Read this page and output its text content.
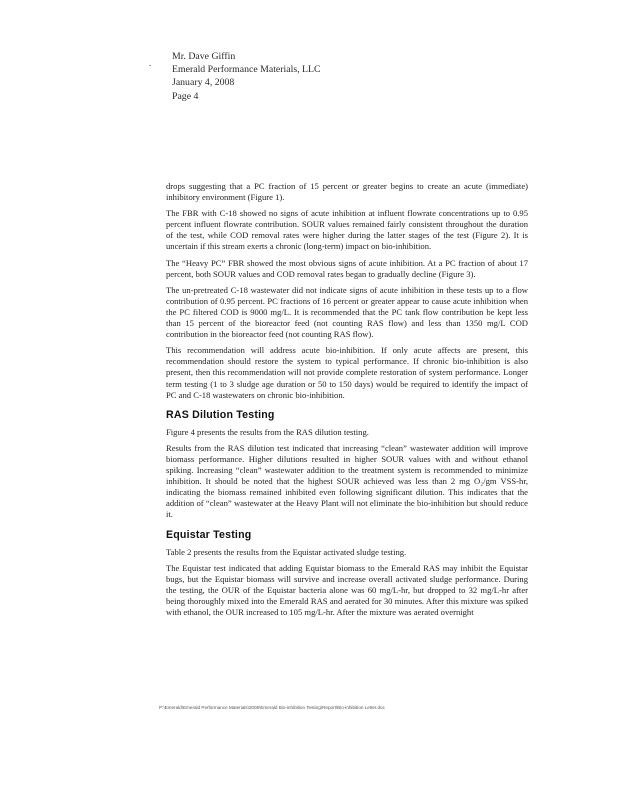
.
Mr. Dave Giffin
Emerald Performance Materials, LLC
January 4, 2008
Page 4

drops suggesting that a PC fraction of 15 percent or greater begins to create an acute (immediate) inhibitory environment (Figure 1).

The FBR with C-18 showed no signs of acute inhibition at influent flowrate concentrations up to 0.95 percent influent flowrate contribution. SOUR values remained fairly consistent throughout the duration of the test, while COD removal rates were higher during the latter stages of the test (Figure 2). It is uncertain if this stream exerts a chronic (long-term) impact on bio-inhibition.

The “Heavy PC” FBR showed the most obvious signs of acute inhibition. At a PC fraction of about 17 percent, both SOUR values and COD removal rates began to gradually decline (Figure 3).

The un-pretreated C-18 wastewater did not indicate signs of acute inhibition in these tests up to a flow contribution of 0.95 percent. PC fractions of 16 percent or greater appear to cause acute inhibition when the PC filtered COD is 9000 mg/L. It is recommended that the PC tank flow contribution be kept less than 15 percent of the bioreactor feed (not counting RAS flow) and less than 1350 mg/L COD contribution in the bioreactor feed (not counting RAS flow).

This recommendation will address acute bio-inhibition. If only acute affects are present, this recommendation should restore the system to typical performance. If chronic bio-inhibition is also present, then this recommendation will not provide complete restoration of system performance. Longer term testing (1 to 3 sludge age duration or 50 to 150 days) would be required to identify the impact of PC and C-18 wastewaters on chronic bio-inhibition.

RAS Dilution Testing

Figure 4 presents the results from the RAS dilution testing.

Results from the RAS dilution test indicated that increasing “clean” wastewater addition will improve biomass performance. Higher dilutions resulted in higher SOUR values with and without ethanol spiking. Increasing “clean” wastewater addition to the treatment system is recommended to minimize inhibition. It should be noted that the highest SOUR achieved was less than 2 mg O₂/gm VSS-hr, indicating the biomass remained inhibited even following significant dilution. This indicates that the addition of “clean” wastewater at the Heavy Plant will not eliminate the bio-inhibition but should reduce it.

Equistar Testing

Table 2 presents the results from the Equistar activated sludge testing.

The Equistar test indicated that adding Equistar biomass to the Emerald RAS may inhibit the Equistar bugs, but the Equistar biomass will survive and increase overall activated sludge performance. During the testing, the OUR of the Equistar bacteria alone was 60 mg/L-hr, but dropped to 32 mg/L-hr after being thoroughly mixed into the Emerald RAS and aerated for 30 minutes. After this mixture was spiked with ethanol, the OUR increased to 105 mg/L-hr. After the mixture was aerated overnight

P:\Emerald\Emerald Performance Materials\2008\Emerald Bio-inhibition Testing\Report\Bio-inhibition Letter.doc
